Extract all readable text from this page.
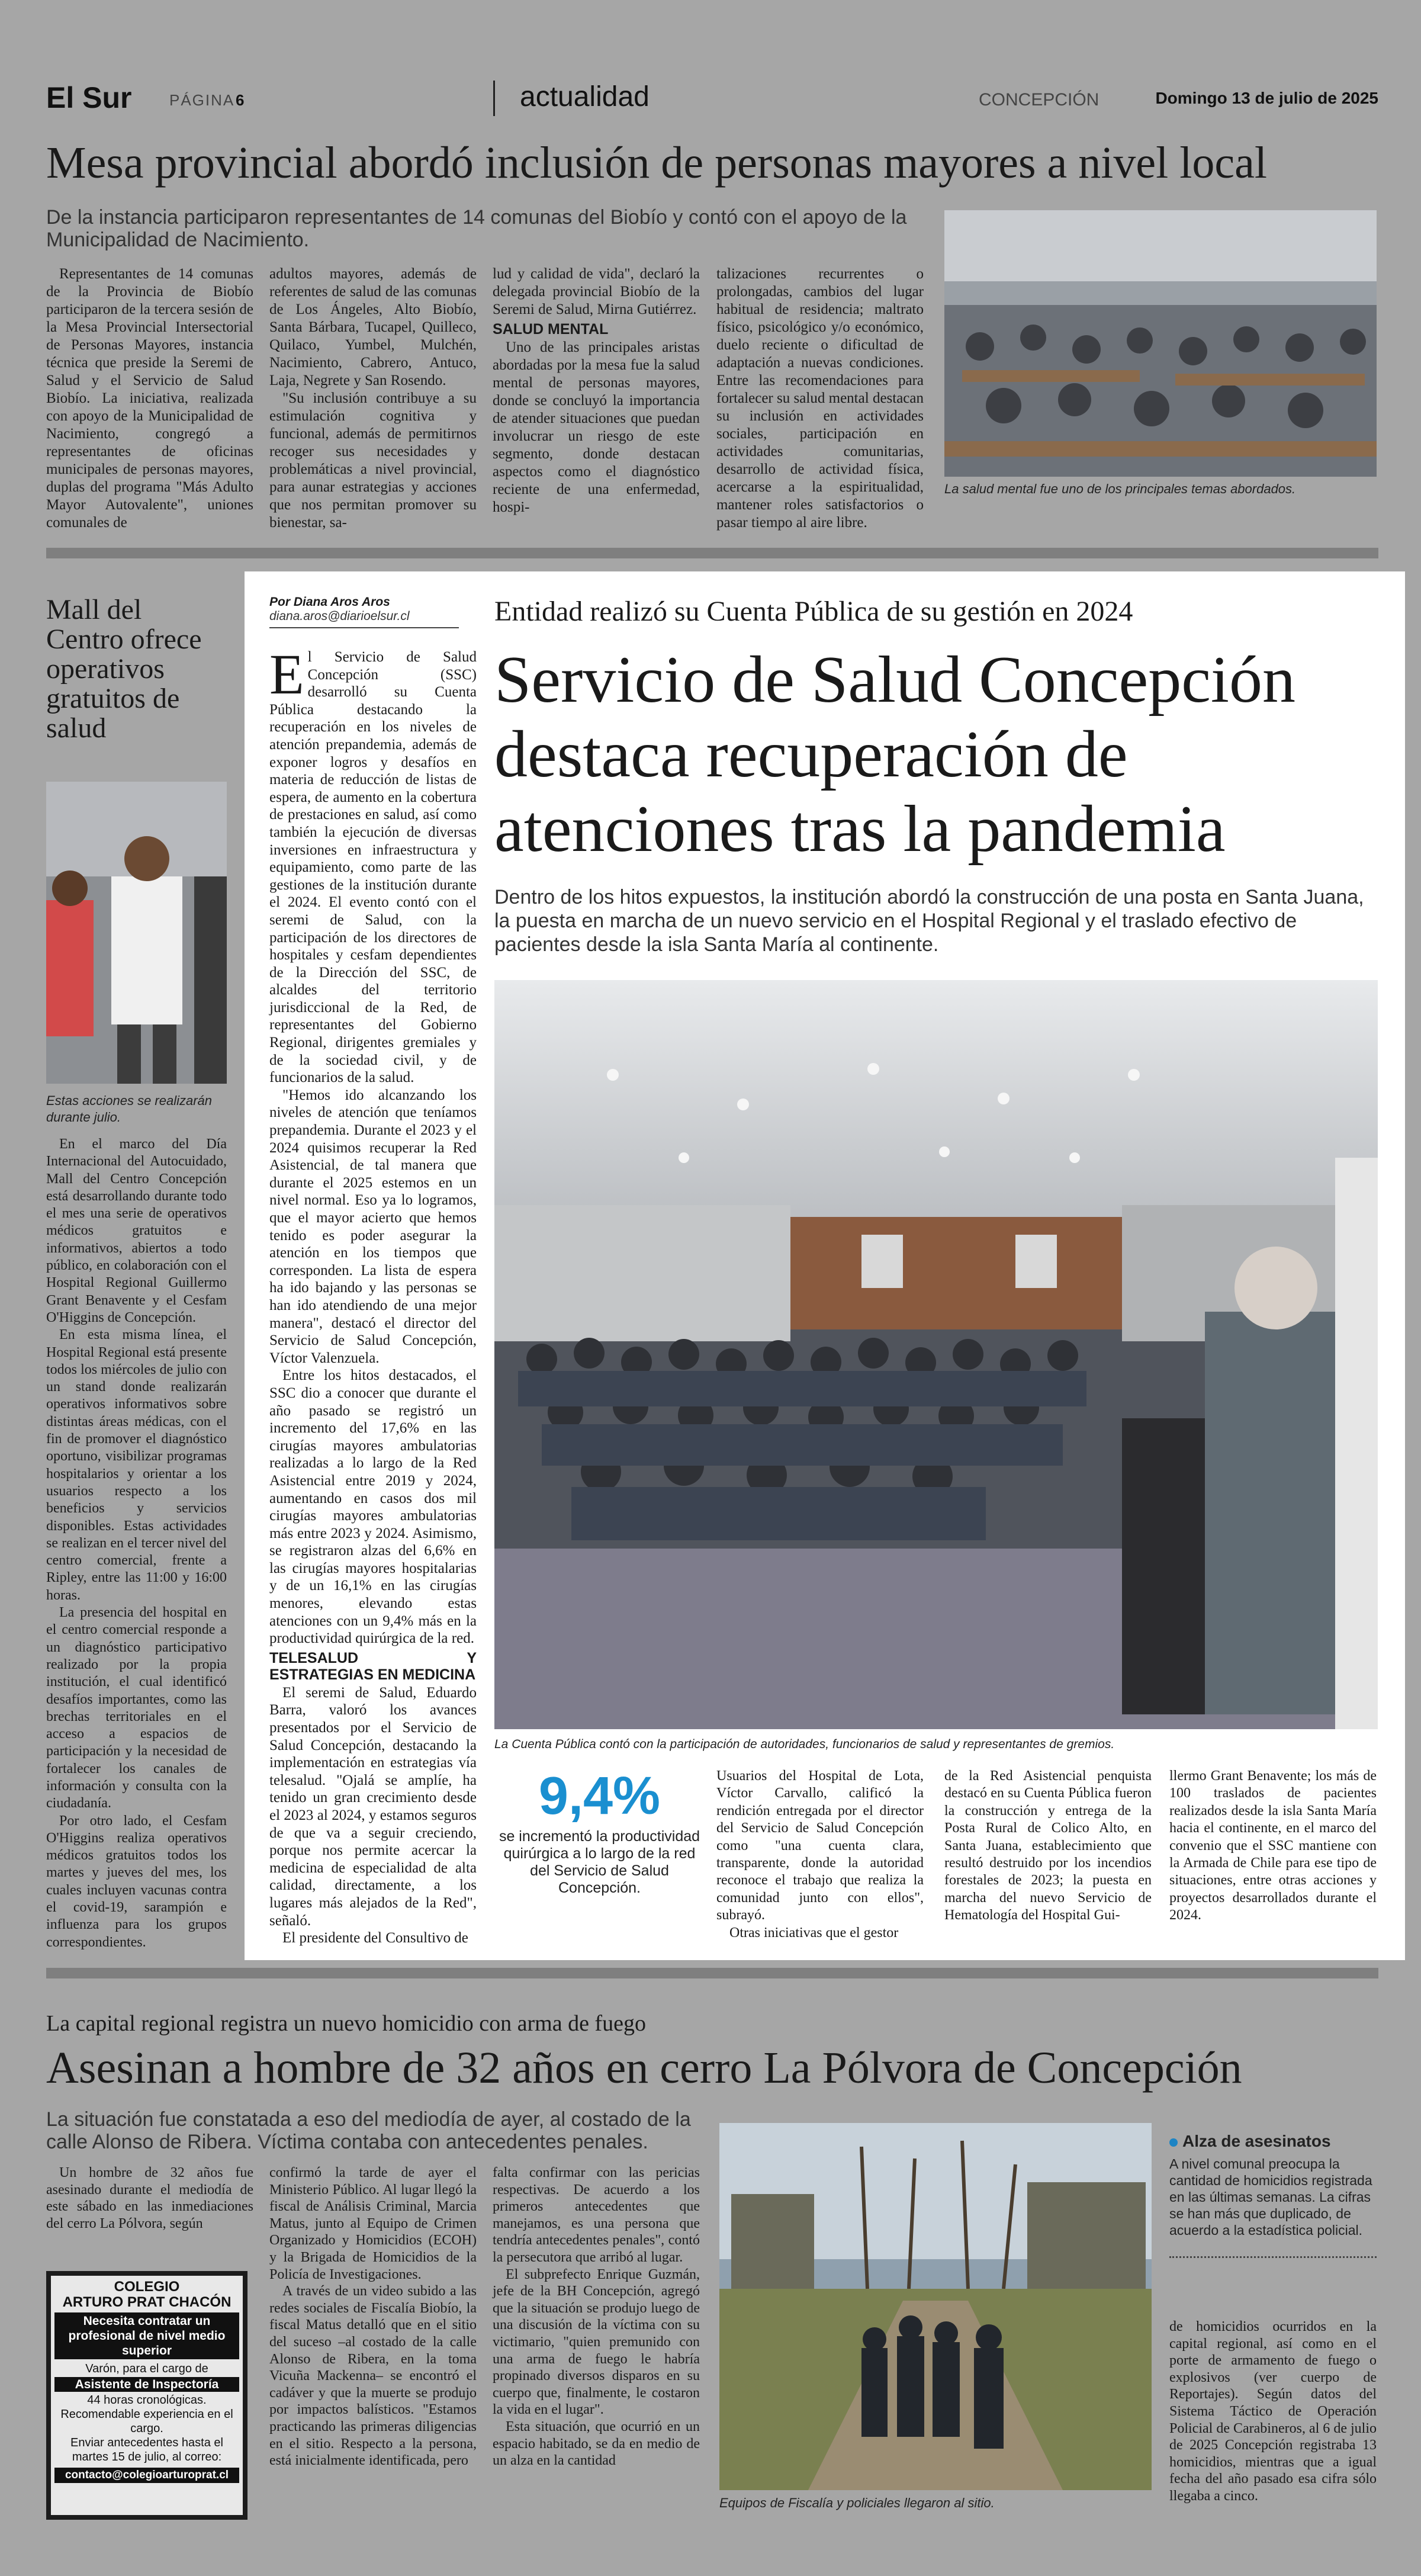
El Sur PÁGINA 6	actualidad	CONCEPCIÓN	Domingo 13 de julio de 2025
Mesa provincial abordó inclusión de personas mayores a nivel local
De la instancia participaron representantes de 14 comunas del Biobío y contó con el apoyo de la Municipalidad de Nacimiento.

Representantes de 14 comunas de la Provincia de Biobío participaron de la tercera sesión de la Mesa Provincial Intersectorial de Personas Mayores, instancia técnica que preside la Seremi de Salud y el Servicio de Salud Biobío. La iniciativa, realizada con apoyo de la Municipalidad de Nacimiento, congregó a representantes de oficinas municipales de personas mayores, duplas del programa "Más Adulto Mayor Autovalente", uniones comunales de

adultos mayores, además de referentes de salud de las comunas de Los Ángeles, Alto Biobío, Santa Bárbara, Tucapel, Quilleco, Quilaco, Yumbel, Mulchén, Nacimiento, Cabrero, Antuco, Laja, Negrete y San Rosendo.

"Su inclusión contribuye a su estimulación cognitiva y funcional, además de permitirnos recoger sus necesidades y problemáticas a nivel provincial, para aunar estrategias y acciones que nos permitan promover su bienestar, sa-

lud y calidad de vida", declaró la delegada provincial Biobío de la Seremi de Salud, Mirna Gutiérrez.

SALUD MENTAL

Uno de las principales aristas abordadas por la mesa fue la salud mental de personas mayores, donde se concluyó la importancia de atender situaciones que puedan involucrar un riesgo de este segmento, donde destacan aspectos como el diagnóstico reciente de una enfermedad, hospi-

talizaciones recurrentes o prolongadas, cambios del lugar habitual de residencia; maltrato físico, psicológico y/o económico, duelo reciente o dificultad de adaptación a nuevas condiciones. Entre las recomendaciones para fortalecer su salud mental destacan su inclusión en actividades sociales, participación en actividades comunitarias, desarrollo de actividad física, acercarse a la espiritualidad, mantener roles satisfactorios o pasar tiempo al aire libre.

La salud mental fue uno de los principales temas abordados.
Mall del Centro ofrece operativos gratuitos de salud
Estas acciones se realizarán durante julio.

En el marco del Día Internacional del Autocuidado, Mall del Centro Concepción está desarrollando durante todo el mes una serie de operativos médicos gratuitos e informativos, abiertos a todo público, en colaboración con el Hospital Regional Guillermo Grant Benavente y el Cesfam O'Higgins de Concepción.

En esta misma línea, el Hospital Regional está presente todos los miércoles de julio con un stand donde realizarán operativos informativos sobre distintas áreas médicas, con el fin de promover el diagnóstico oportuno, visibilizar programas hospitalarios y orientar a los usuarios respecto a los beneficios y servicios disponibles. Estas actividades se realizan en el tercer nivel del centro comercial, frente a Ripley, entre las 11:00 y 16:00 horas.

La presencia del hospital en el centro comercial responde a un diagnóstico participativo realizado por la propia institución, el cual identificó desafíos importantes, como las brechas territoriales en el acceso a espacios de participación y la necesidad de fortalecer los canales de información y consulta con la ciudadanía.

Por otro lado, el Cesfam O'Higgins realiza operativos médicos gratuitos todos los martes y jueves del mes, los cuales incluyen vacunas contra el covid-19, sarampión e influenza para los grupos correspondientes.

Por Diana Aros Aros
diana.aros@diarioelsur.cl	Entidad realizó su Cuenta Pública de su gestión en 2024
Servicio de Salud Concepción destaca recuperación de atenciones tras la pandemia
Dentro de los hitos expuestos, la institución abordó la construcción de una posta en Santa Juana, la puesta en marcha de un nuevo servicio en el Hospital Regional y el traslado efectivo de pacientes desde la isla Santa María al continente.

El Servicio de Salud Concepción (SSC) desarrolló su Cuenta Pública destacando la recuperación en los niveles de atención prepandemia, además de exponer logros y desafíos en materia de reducción de listas de espera, de aumento en la cobertura de prestaciones en salud, así como también la ejecución de diversas inversiones en infraestructura y equipamiento, como parte de las gestiones de la institución durante el 2024. El evento contó con el seremi de Salud, con la participación de los directores de hospitales y cesfam dependientes de la Dirección del SSC, de alcaldes del territorio jurisdiccional de la Red, de representantes del Gobierno Regional, dirigentes gremiales y de la sociedad civil, y de funcionarios de la salud.

"Hemos ido alcanzando los niveles de atención que teníamos prepandemia. Durante el 2023 y el 2024 quisimos recuperar la Red Asistencial, de tal manera que durante el 2025 estemos en un nivel normal. Eso ya lo logramos, que el mayor acierto que hemos tenido es poder asegurar la atención en los tiempos que corresponden. La lista de espera ha ido bajando y las personas se han ido atendiendo de una mejor manera", destacó el director del Servicio de Salud Concepción, Víctor Valenzuela.

Entre los hitos destacados, el SSC dio a conocer que durante el año pasado se registró un incremento del 17,6% en las cirugías mayores ambulatorias realizadas a lo largo de la Red Asistencial entre 2019 y 2024, aumentando en casos dos mil cirugías mayores ambulatorias más entre 2023 y 2024. Asimismo, se registraron alzas del 6,6% en las cirugías mayores hospitalarias y de un 16,1% en las cirugías menores, elevando estas atenciones con un 9,4% más en la productividad quirúrgica de la red.

TELESALUD Y ESTRATEGIAS EN MEDICINA

El seremi de Salud, Eduardo Barra, valoró los avances presentados por el Servicio de Salud Concepción, destacando la implementación en estrategias vía telesalud. "Ojalá se amplíe, ha tenido un gran crecimiento desde el 2023 al 2024, y estamos seguros de que va a seguir creciendo, porque nos permite acercar la medicina de especialidad de alta calidad, directamente, a los lugares más alejados de la Red", señaló.

El presidente del Consultivo de

La Cuenta Pública contó con la participación de autoridades, funcionarios de salud y representantes de gremios.
9,4%
se incrementó la productividad quirúrgica a lo largo de la red del Servicio de Salud Concepción.

Usuarios del Hospital de Lota, Víctor Carvallo, calificó la rendición entregada por el director del Servicio de Salud Concepción como "una cuenta clara, transparente, donde la autoridad reconoce el trabajo que realiza la comunidad junto con ellos", subrayó.

Otras iniciativas que el gestor

de la Red Asistencial penquista destacó en su Cuenta Pública fueron la construcción y entrega de la Posta Rural de Colico Alto, en Santa Juana, establecimiento que resultó destruido por los incendios forestales de 2023; la puesta en marcha del nuevo Servicio de Hematología del Hospital Gui-

llermo Grant Benavente; los más de 100 traslados de pacientes realizados desde la isla Santa María hacia el continente, en el marco del convenio que el SSC mantiene con la Armada de Chile para ese tipo de situaciones, entre otras acciones y proyectos desarrollados durante el 2024.

La capital regional registra un nuevo homicidio con arma de fuego
Asesinan a hombre de 32 años en cerro La Pólvora de Concepción
La situación fue constatada a eso del mediodía de ayer, al costado de la calle Alonso de Ribera. Víctima contaba con antecedentes penales.

Un hombre de 32 años fue asesinado durante el mediodía de este sábado en las inmediaciones del cerro La Pólvora, según

COLEGIO
ARTURO PRAT CHACÓN
Necesita contratar un profesional de nivel medio superior
Varón, para el cargo de
Asistente de Inspectoría
44 horas cronológicas.
Recomendable experiencia en el cargo.
Enviar antecedentes hasta el martes 15 de julio, al correo:
contacto@colegioarturoprat.cl

confirmó la tarde de ayer el Ministerio Público. Al lugar llegó la fiscal de Análisis Criminal, Marcia Matus, junto al Equipo de Crimen Organizado y Homicidios (ECOH) y la Brigada de Homicidios de la Policía de Investigaciones.

A través de un video subido a las redes sociales de Fiscalía Biobío, la fiscal Matus detalló que en el sitio del suceso –al costado de la calle Alonso de Ribera, en la toma Vicuña Mackenna– se encontró el cadáver y que la muerte se produjo por impactos balísticos. "Estamos practicando las primeras diligencias en el sitio. Respecto a la persona, está inicialmente identificada, pero

falta confirmar con las pericias respectivas. De acuerdo a los primeros antecedentes que manejamos, es una persona que tendría antecedentes penales", contó la persecutora que arribó al lugar.

El subprefecto Enrique Guzmán, jefe de la BH Concepción, agregó que la situación se produjo luego de una discusión de la víctima con su victimario, "quien premunido con una arma de fuego le habría propinado diversos disparos en su cuerpo que, finalmente, le costaron la vida en el lugar".

Esta situación, que ocurrió en un espacio habitado, se da en medio de un alza en la cantidad

Equipos de Fiscalía y policiales llegaron al sitio.
Alza de asesinatos
A nivel comunal preocupa la cantidad de homicidios registrada en las últimas semanas. La cifras se han más que duplicado, de acuerdo a la estadística policial.

de homicidios ocurridos en la capital regional, así como en el porte de armamento de fuego o explosivos (ver cuerpo de Reportajes). Según datos del Sistema Táctico de Operación Policial de Carabineros, al 6 de julio de 2025 Concepción registraba 13 homicidios, mientras que a igual fecha del año pasado esa cifra sólo llegaba a cinco.
